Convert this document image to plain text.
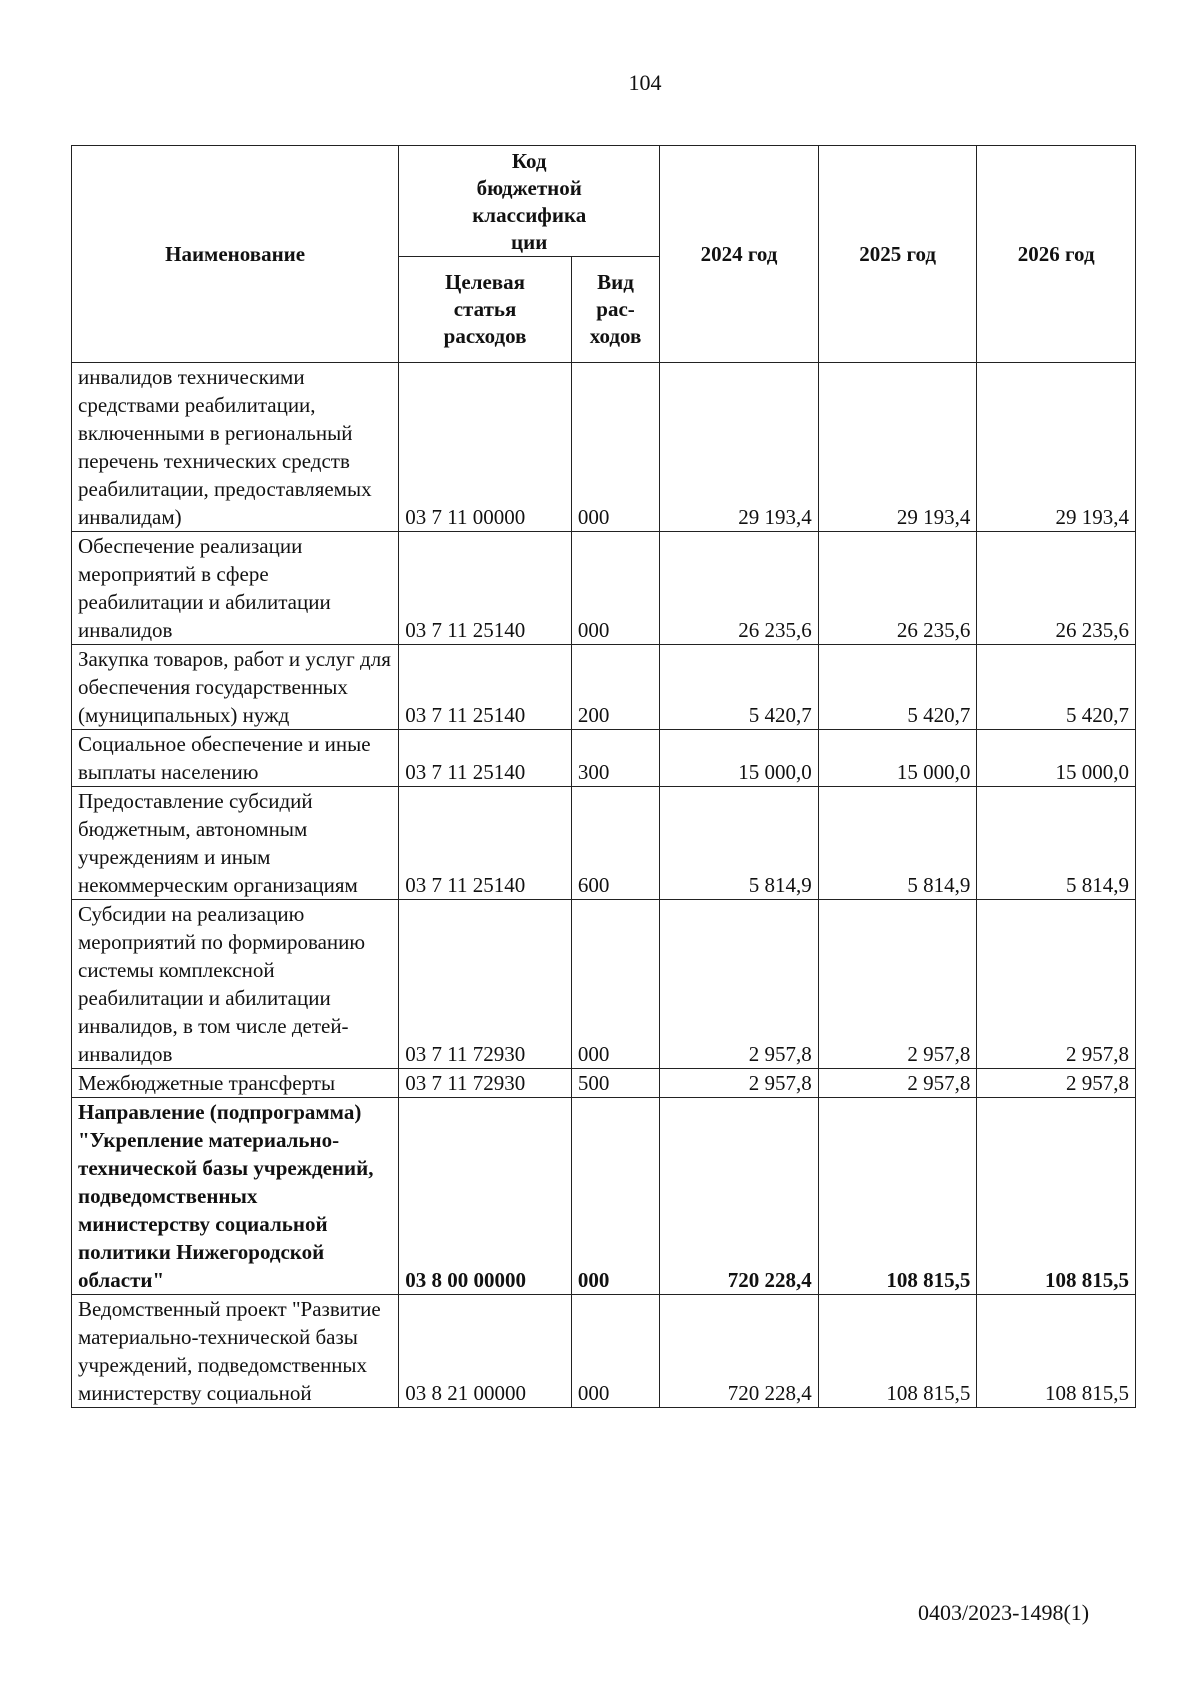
104
Наименование	Код бюджетной классификации		2024 год	2025 год	2026 год
	Целевая статья расходов	Вид рас- ходов			
инвалидов техническими средствами реабилитации, включенными в региональный перечень технических средств реабилитации, предоставляемых инвалидам)	03 7 11 00000	000	29 193,4	29 193,4	29 193,4
Обеспечение реализации мероприятий в сфере реабилитации и абилитации инвалидов	03 7 11 25140	000	26 235,6	26 235,6	26 235,6
Закупка товаров, работ и услуг для обеспечения государственных (муниципальных) нужд	03 7 11 25140	200	5 420,7	5 420,7	5 420,7
Социальное обеспечение и иные выплаты населению	03 7 11 25140	300	15 000,0	15 000,0	15 000,0
Предоставление субсидий бюджетным, автономным учреждениям и иным некоммерческим организациям	03 7 11 25140	600	5 814,9	5 814,9	5 814,9
Субсидии на реализацию мероприятий по формированию системы комплексной реабилитации и абилитации инвалидов, в том числе детей-инвалидов	03 7 11 72930	000	2 957,8	2 957,8	2 957,8
Межбюджетные трансферты	03 7 11 72930	500	2 957,8	2 957,8	2 957,8
Направление (подпрограмма) "Укрепление материально-технической базы учреждений, подведомственных министерству социальной политики Нижегородской области"	03 8 00 00000	000	720 228,4	108 815,5	108 815,5
Ведомственный проект "Развитие материально-технической базы учреждений, подведомственных министерству социальной	03 8 21 00000	000	720 228,4	108 815,5	108 815,5
0403/2023-1498(1)
